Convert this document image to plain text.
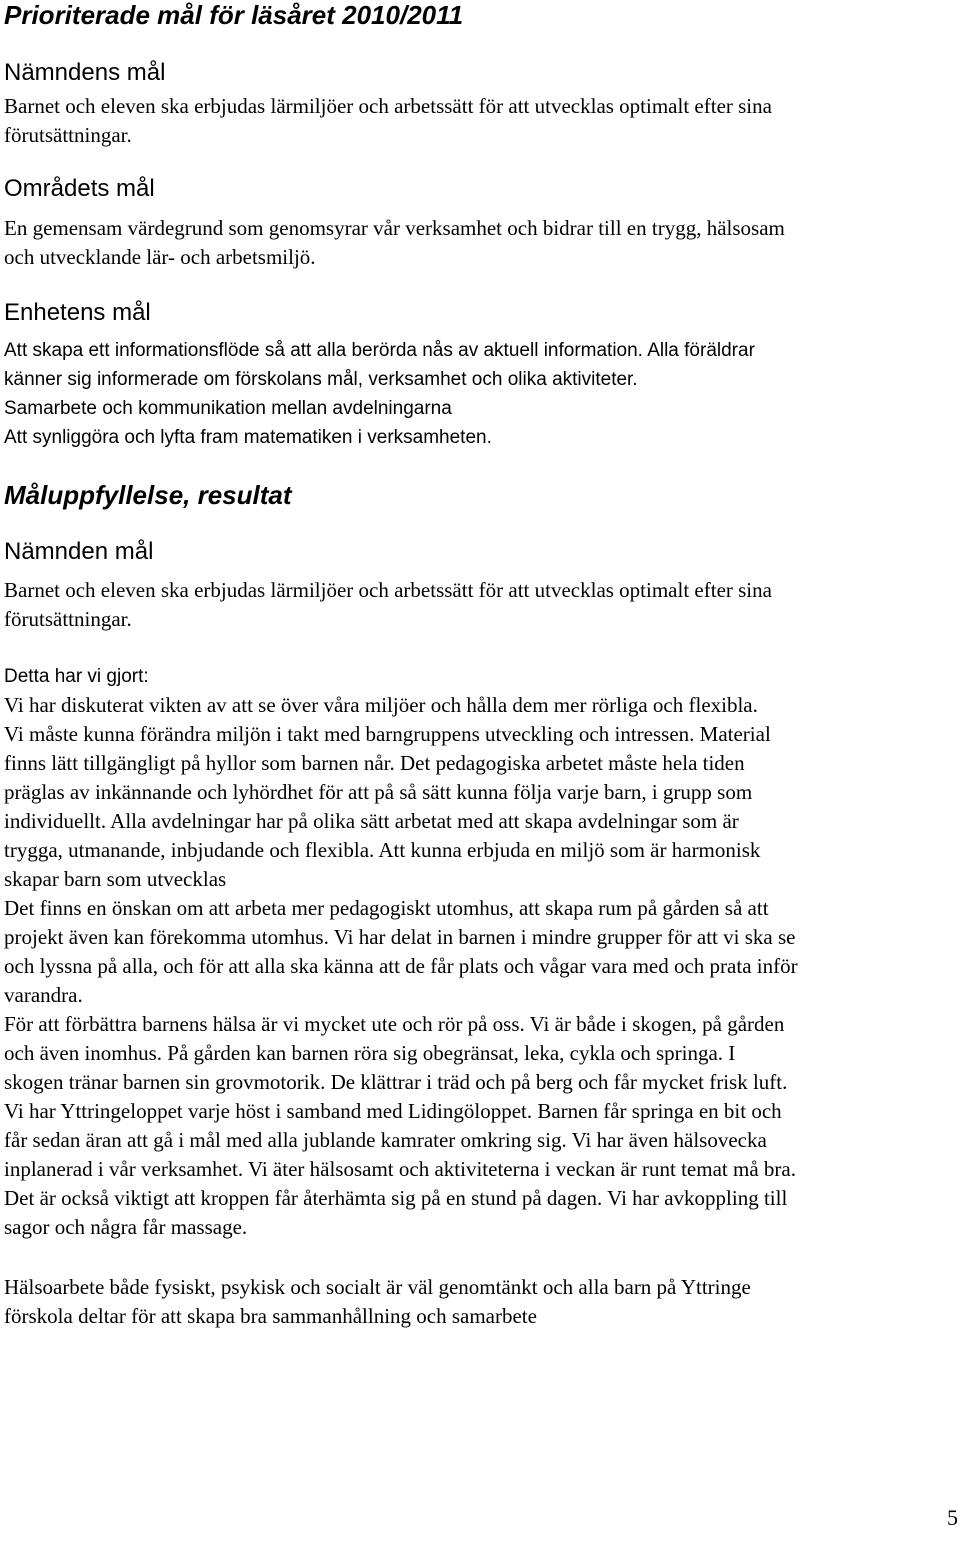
Prioriterade mål för läsåret 2010/2011
Nämndens mål

Barnet och eleven ska erbjudas lärmiljöer och arbetssätt för att utvecklas optimalt efter sina
förutsättningar.

Områdets mål

En gemensam värdegrund som genomsyrar vår verksamhet och bidrar till en trygg, hälsosam
och utvecklande lär- och arbetsmiljö.

Enhetens mål

Att skapa ett informationsflöde så att alla berörda nås av aktuell information. Alla föräldrar
känner sig informerade om förskolans mål, verksamhet och olika aktiviteter.
Samarbete och kommunikation mellan avdelningarna
Att synliggöra och lyfta fram matematiken i verksamheten.

Måluppfyllelse, resultat
Nämnden mål

Barnet och eleven ska erbjudas lärmiljöer och arbetssätt för att utvecklas optimalt efter sina
förutsättningar.

Detta har vi gjort:

Vi har diskuterat vikten av att se över våra miljöer och hålla dem mer rörliga och flexibla.
Vi måste kunna förändra miljön i takt med barngruppens utveckling och intressen. Material
finns lätt tillgängligt på hyllor som barnen når. Det pedagogiska arbetet måste hela tiden
präglas av inkännande och lyhördhet för att på så sätt kunna följa varje barn, i grupp som
individuellt. Alla avdelningar har på olika sätt arbetat med att skapa avdelningar som är
trygga, utmanande, inbjudande och flexibla. Att kunna erbjuda en miljö som är harmonisk
skapar barn som utvecklas
Det finns en önskan om att arbeta mer pedagogiskt utomhus, att skapa rum på gården så att
projekt även kan förekomma utomhus. Vi har delat in barnen i mindre grupper för att vi ska se
och lyssna på alla, och för att alla ska känna att de får plats och vågar vara med och prata inför
varandra.
För att förbättra barnens hälsa är vi mycket ute och rör på oss. Vi är både i skogen, på gården
och även inomhus. På gården kan barnen röra sig obegränsat, leka, cykla och springa. I
skogen tränar barnen sin grovmotorik. De klättrar i träd och på berg och får mycket frisk luft.
Vi har Yttringeloppet varje höst i samband med Lidingöloppet. Barnen får springa en bit och
får sedan äran att gå i mål med alla jublande kamrater omkring sig. Vi har även hälsovecka
inplanerad i vår verksamhet. Vi äter hälsosamt och aktiviteterna i veckan är runt temat må bra.
Det är också viktigt att kroppen får återhämta sig på en stund på dagen. Vi har avkoppling till
sagor och några får massage.

Hälsoarbete både fysiskt, psykisk och socialt är väl genomtänkt och alla barn på Yttringe
förskola deltar för att skapa bra sammanhållning och samarbete

5
